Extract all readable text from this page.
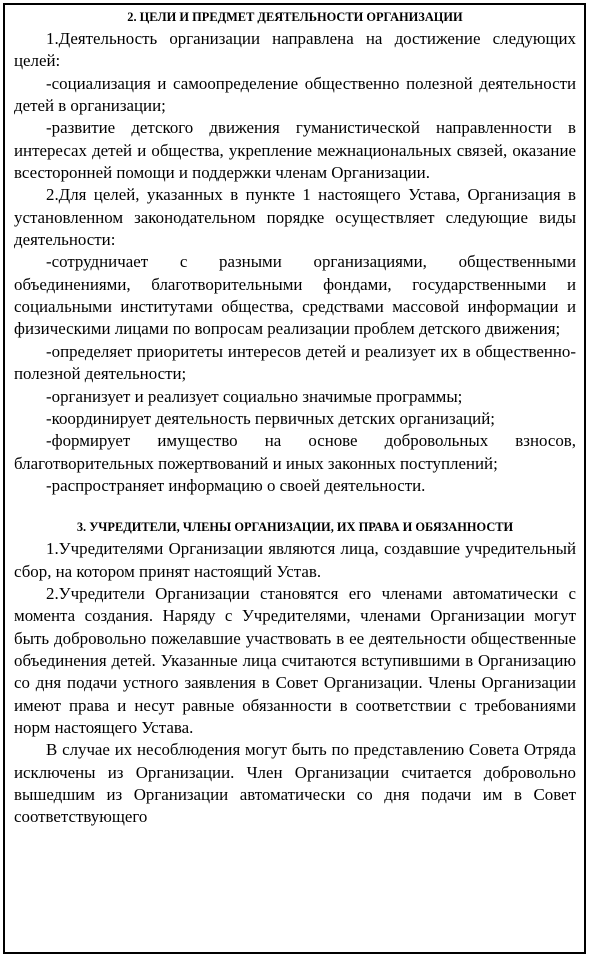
2. ЦЕЛИ И ПРЕДМЕТ ДЕЯТЕЛЬНОСТИ ОРГАНИЗАЦИИ

1.Деятельность организации направлена на достижение следующих целей:

-социализация и самоопределение общественно полезной деятельности детей в организации;

-развитие детского движения гуманистической направленности в интересах детей и общества, укрепление межнациональных связей, оказание всесторонней помощи и поддержки членам Организации.

2.Для целей, указанных в пункте 1 настоящего Устава, Организация в установленном законодательном порядке осуществляет следующие виды деятельности:

-сотрудничает с разными организациями, общественными объединениями, благотворительными фондами, государственными и социальными институтами общества, средствами массовой информации и физическими лицами по вопросам реализации проблем детского движения;

-определяет приоритеты интересов детей и реализует их в общественно-полезной деятельности;

-организует и реализует социально значимые программы;

-координирует деятельность первичных детских организаций;

-формирует имущество на основе добровольных взносов, благотворительных пожертвований и иных законных поступлений;

-распространяет информацию о своей деятельности.

3. УЧРЕДИТЕЛИ, ЧЛЕНЫ ОРГАНИЗАЦИИ, ИХ ПРАВА И ОБЯЗАННОСТИ

1.Учредителями Организации являются лица, создавшие учредительный сбор, на котором принят настоящий Устав.

2.Учредители Организации становятся его членами автоматически с момента создания. Наряду с Учредителями, членами Организации могут быть добровольно пожелавшие участвовать в ее деятельности общественные объединения детей. Указанные лица считаются вступившими в Организацию со дня подачи устного заявления в Совет Организации. Члены Организации имеют права и несут равные обязанности в соответствии с требованиями норм настоящего Устава.

В случае их несоблюдения могут быть по представлению Совета Отряда исключены из Организации. Член Организации считается добровольно вышедшим из Организации автоматически со дня подачи им в Совет соответствующего
